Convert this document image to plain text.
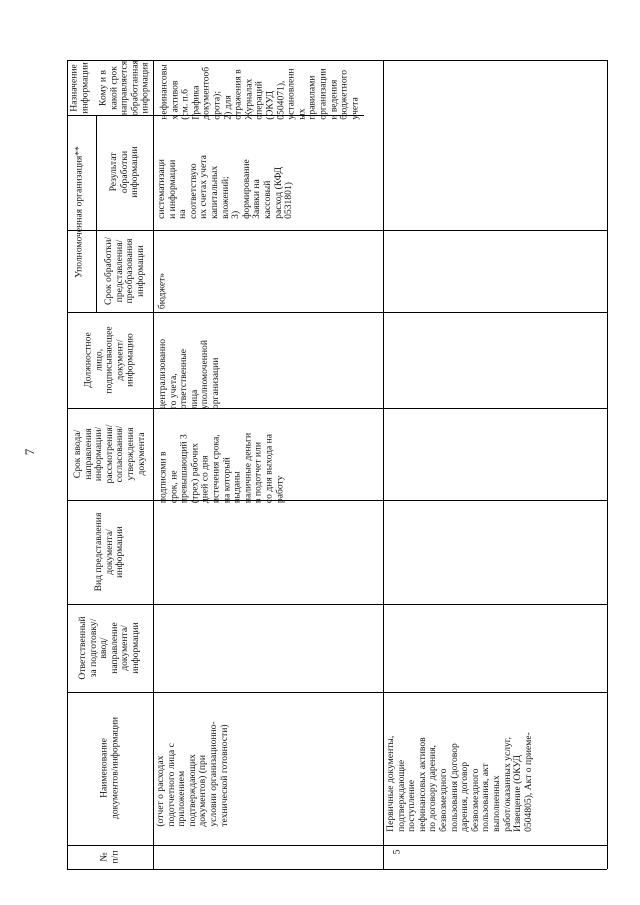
7
№
п/п
Наименование
документов/информации
Ответственный
за подготовку/
ввод/
направление
документа/
информации
Вид представления
документа/
информации
Срок ввода/
направления
информации/
рассмотрения/
согласования/
утверждения
документа
Должностное
лицо,
подписывающее
документ/
информацию
Уполномоченная организация**
Срок обработки/
представления/
преобразования
информации
Результат
обработки
информации
Назначение
информации Кому и в
какой срок
направляется
обработанная
информация
(отчет о расходах
подотчетного лица с
приложением
подтверждающих
документов) (при
условии организационно-
технической готовности)
подписями в
срок, не
превышающий 3
(трех) рабочих
дней со дня
истечения срока,
на который
выданы
наличные деньги
в подотчет или
со дня выхода на
работу
централизованно
го учета,
ответственные
лица
уполномоченной
организации
бюджет»
систематизаци
и информации
на
соответствую
их счетах учета
капитальных
вложений;
3)
формирование
Заявки на
кассовый
расход (КФД
0531801)
нефинансовы
х активов
(см. п.6
Графика
документооб
орота);
2) для
отражения в
Журналах
операций
(ОКУД
0504071),
установленн
ых
правилами
организации
и ведения
бюджетного
учета
5
Первичные документы,
подтверждающие
поступление
нефинансовых активов
по договору дарения,
безвозмездного
пользования (договор
дарения, договор
безвозмездного
пользования, акт
выполненных
работ/оказанных услуг,
Извещение (ОКУД
0504805), Акт о приеме-
